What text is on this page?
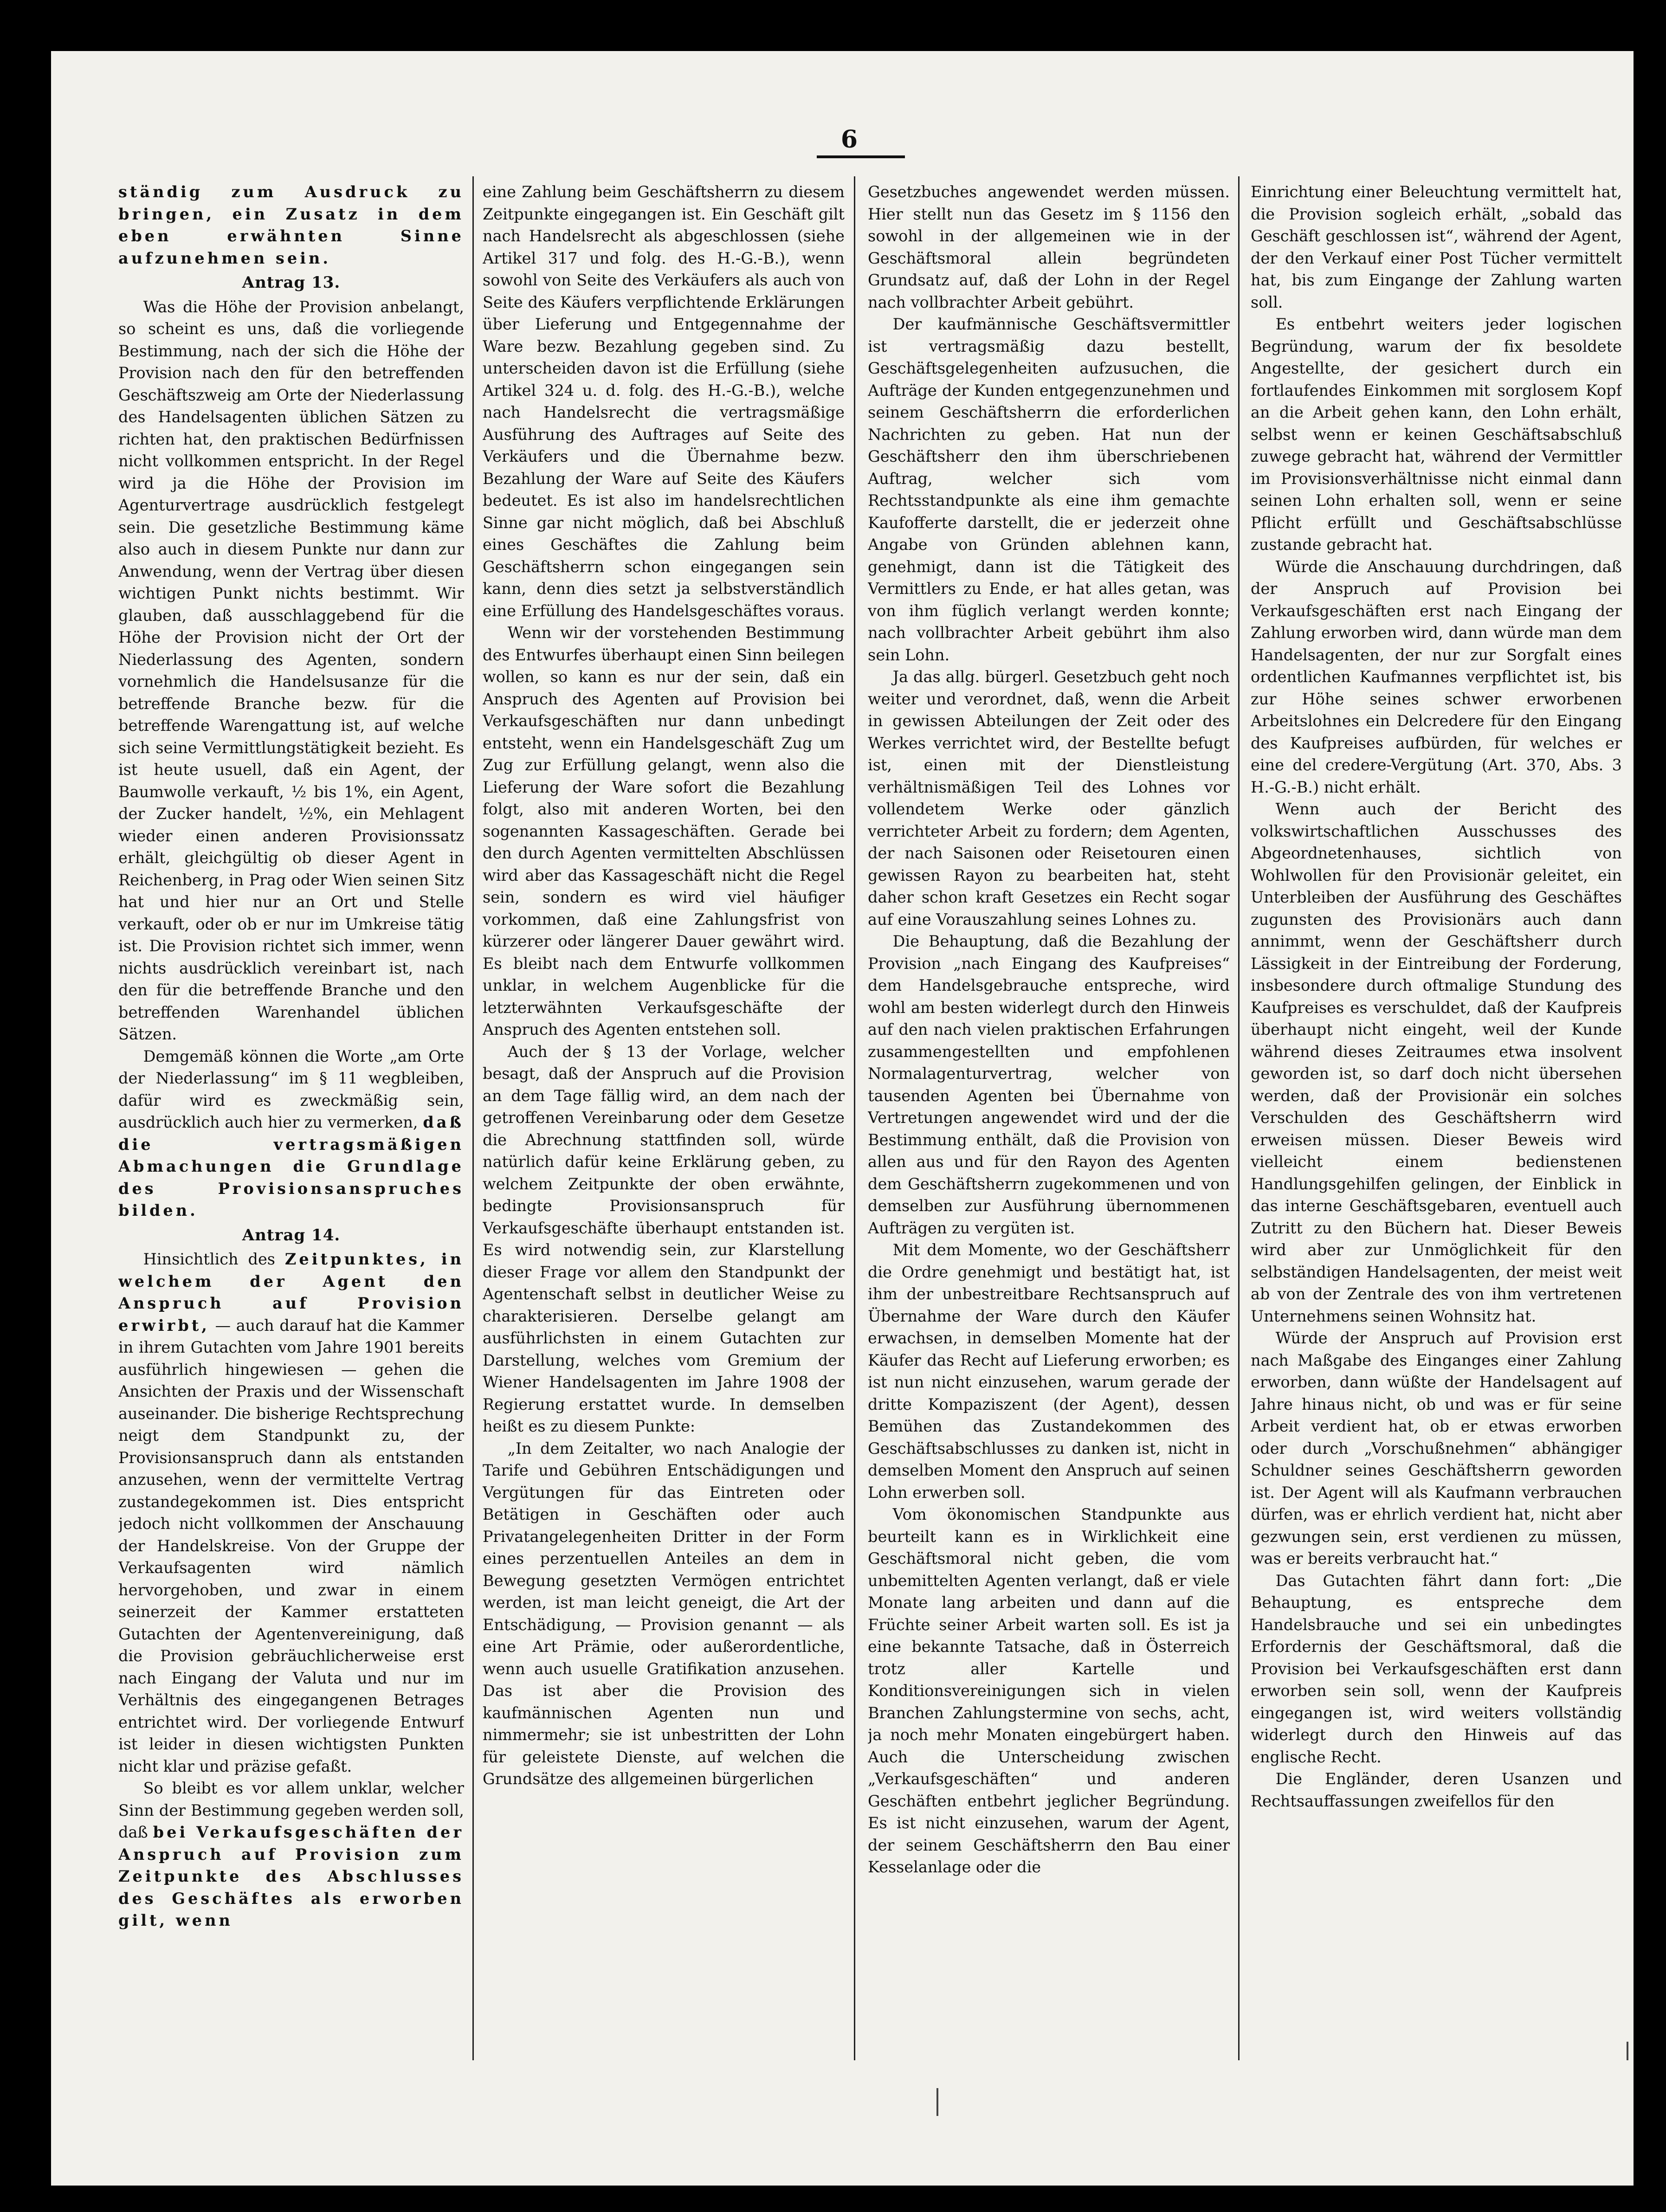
6

ständig zum Ausdruck zu bringen, ein Zusatz in dem eben erwähnten Sinne aufzunehmen sein.

Antrag 13.

Was die Höhe der Provision anbelangt, so scheint es uns, daß die vorliegende Bestimmung, nach der sich die Höhe der Provision nach den für den betreffenden Geschäftszweig am Orte der Niederlassung des Handelsagenten üblichen Sätzen zu richten hat, den praktischen Bedürfnissen nicht vollkommen entspricht. In der Regel wird ja die Höhe der Provision im Agenturvertrage ausdrücklich festgelegt sein. Die gesetzliche Bestimmung käme also auch in diesem Punkte nur dann zur Anwendung, wenn der Vertrag über diesen wichtigen Punkt nichts bestimmt. Wir glauben, daß ausschlaggebend für die Höhe der Provision nicht der Ort der Niederlassung des Agenten, sondern vornehmlich die Handelsusanze für die betreffende Branche bezw. für die betreffende Warengattung ist, auf welche sich seine Vermittlungstätigkeit bezieht. Es ist heute usuell, daß ein Agent, der Baumwolle verkauft, ½ bis 1%, ein Agent, der Zucker handelt, ½%, ein Mehlagent wieder einen anderen Provisionssatz erhält, gleichgültig ob dieser Agent in Reichenberg, in Prag oder Wien seinen Sitz hat und hier nur an Ort und Stelle verkauft, oder ob er nur im Umkreise tätig ist. Die Provision richtet sich immer, wenn nichts ausdrücklich vereinbart ist, nach den für die betreffende Branche und den betreffenden Warenhandel üblichen Sätzen.

Demgemäß können die Worte „am Orte der Niederlassung“ im § 11 wegbleiben, dafür wird es zweckmäßig sein, ausdrücklich auch hier zu vermerken, daß die vertragsmäßigen Abmachungen die Grundlage des Provisionsanspruches bilden.

Antrag 14.

Hinsichtlich des Zeitpunktes, in welchem der Agent den Anspruch auf Provision erwirbt, — auch darauf hat die Kammer in ihrem Gutachten vom Jahre 1901 bereits ausführlich hingewiesen — gehen die Ansichten der Praxis und der Wissenschaft auseinander. Die bisherige Rechtsprechung neigt dem Standpunkt zu, der Provisionsanspruch dann als entstanden anzusehen, wenn der vermittelte Vertrag zustandegekommen ist. Dies entspricht jedoch nicht vollkommen der Anschauung der Handelskreise. Von der Gruppe der Verkaufsagenten wird nämlich hervorgehoben, und zwar in einem seinerzeit der Kammer erstatteten Gutachten der Agentenvereinigung, daß die Provision gebräuchlicherweise erst nach Eingang der Valuta und nur im Verhältnis des eingegangenen Betrages entrichtet wird. Der vorliegende Entwurf ist leider in diesen wichtigsten Punkten nicht klar und präzise gefaßt.

So bleibt es vor allem unklar, welcher Sinn der Bestimmung gegeben werden soll, daß bei Verkaufsgeschäften der Anspruch auf Provision zum Zeitpunkte des Abschlusses des Geschäftes als erworben gilt, wenn

eine Zahlung beim Geschäftsherrn zu diesem Zeitpunkte eingegangen ist. Ein Geschäft gilt nach Handelsrecht als abgeschlossen (siehe Artikel 317 und folg. des H.-G.-B.), wenn sowohl von Seite des Verkäufers als auch von Seite des Käufers verpflichtende Erklärungen über Lieferung und Entgegennahme der Ware bezw. Bezahlung gegeben sind. Zu unterscheiden davon ist die Erfüllung (siehe Artikel 324 u. d. folg. des H.-G.-B.), welche nach Handelsrecht die vertragsmäßige Ausführung des Auftrages auf Seite des Verkäufers und die Übernahme bezw. Bezahlung der Ware auf Seite des Käufers bedeutet. Es ist also im handelsrechtlichen Sinne gar nicht möglich, daß bei Abschluß eines Geschäftes die Zahlung beim Geschäftsherrn schon eingegangen sein kann, denn dies setzt ja selbstverständlich eine Erfüllung des Handelsgeschäftes voraus.

Wenn wir der vorstehenden Bestimmung des Entwurfes überhaupt einen Sinn beilegen wollen, so kann es nur der sein, daß ein Anspruch des Agenten auf Provision bei Verkaufsgeschäften nur dann unbedingt entsteht, wenn ein Handelsgeschäft Zug um Zug zur Erfüllung gelangt, wenn also die Lieferung der Ware sofort die Bezahlung folgt, also mit anderen Worten, bei den sogenannten Kassageschäften. Gerade bei den durch Agenten vermittelten Abschlüssen wird aber das Kassageschäft nicht die Regel sein, sondern es wird viel häufiger vorkommen, daß eine Zahlungsfrist von kürzerer oder längerer Dauer gewährt wird. Es bleibt nach dem Entwurfe vollkommen unklar, in welchem Augenblicke für die letzterwähnten Verkaufsgeschäfte der Anspruch des Agenten entstehen soll.

Auch der § 13 der Vorlage, welcher besagt, daß der Anspruch auf die Provision an dem Tage fällig wird, an dem nach der getroffenen Vereinbarung oder dem Gesetze die Abrechnung stattfinden soll, würde natürlich dafür keine Erklärung geben, zu welchem Zeitpunkte der oben erwähnte, bedingte Provisionsanspruch für Verkaufsgeschäfte überhaupt entstanden ist. Es wird notwendig sein, zur Klarstellung dieser Frage vor allem den Standpunkt der Agentenschaft selbst in deutlicher Weise zu charakterisieren. Derselbe gelangt am ausführlichsten in einem Gutachten zur Darstellung, welches vom Gremium der Wiener Handelsagenten im Jahre 1908 der Regierung erstattet wurde. In demselben heißt es zu diesem Punkte:

„In dem Zeitalter, wo nach Analogie der Tarife und Gebühren Entschädigungen und Vergütungen für das Eintreten oder Betätigen in Geschäften oder auch Privatangelegenheiten Dritter in der Form eines perzentuellen Anteiles an dem in Bewegung gesetzten Vermögen entrichtet werden, ist man leicht geneigt, die Art der Entschädigung, — Provision genannt — als eine Art Prämie, oder außerordentliche, wenn auch usuelle Gratifikation anzusehen. Das ist aber die Provision des kaufmännischen Agenten nun und nimmermehr; sie ist unbestritten der Lohn für geleistete Dienste, auf welchen die Grundsätze des allgemeinen bürgerlichen

Gesetzbuches angewendet werden müssen. Hier stellt nun das Gesetz im § 1156 den sowohl in der allgemeinen wie in der Geschäftsmoral allein begründeten Grundsatz auf, daß der Lohn in der Regel nach vollbrachter Arbeit gebührt.

Der kaufmännische Geschäftsvermittler ist vertragsmäßig dazu bestellt, Geschäftsgelegenheiten aufzusuchen, die Aufträge der Kunden entgegenzunehmen und seinem Geschäftsherrn die erforderlichen Nachrichten zu geben. Hat nun der Geschäftsherr den ihm überschriebenen Auftrag, welcher sich vom Rechtsstandpunkte als eine ihm gemachte Kaufofferte darstellt, die er jederzeit ohne Angabe von Gründen ablehnen kann, genehmigt, dann ist die Tätigkeit des Vermittlers zu Ende, er hat alles getan, was von ihm füglich verlangt werden konnte; nach vollbrachter Arbeit gebührt ihm also sein Lohn.

Ja das allg. bürgerl. Gesetzbuch geht noch weiter und verordnet, daß, wenn die Arbeit in gewissen Abteilungen der Zeit oder des Werkes verrichtet wird, der Bestellte befugt ist, einen mit der Dienstleistung verhältnismäßigen Teil des Lohnes vor vollendetem Werke oder gänzlich verrichteter Arbeit zu fordern; dem Agenten, der nach Saisonen oder Reisetouren einen gewissen Rayon zu bearbeiten hat, steht daher schon kraft Gesetzes ein Recht sogar auf eine Vorauszahlung seines Lohnes zu.

Die Behauptung, daß die Bezahlung der Provision „nach Eingang des Kaufpreises“ dem Handelsgebrauche entspreche, wird wohl am besten widerlegt durch den Hinweis auf den nach vielen praktischen Erfahrungen zusammengestellten und empfohlenen Normalagenturvertrag, welcher von tausenden Agenten bei Übernahme von Vertretungen angewendet wird und der die Bestimmung enthält, daß die Provision von allen aus und für den Rayon des Agenten dem Geschäftsherrn zugekommenen und von demselben zur Ausführung übernommenen Aufträgen zu vergüten ist.

Mit dem Momente, wo der Geschäftsherr die Ordre genehmigt und bestätigt hat, ist ihm der unbestreitbare Rechtsanspruch auf Übernahme der Ware durch den Käufer erwachsen, in demselben Momente hat der Käufer das Recht auf Lieferung erworben; es ist nun nicht einzusehen, warum gerade der dritte Kompaziszent (der Agent), dessen Bemühen das Zustandekommen des Geschäftsabschlusses zu danken ist, nicht in demselben Moment den Anspruch auf seinen Lohn erwerben soll.

Vom ökonomischen Standpunkte aus beurteilt kann es in Wirklichkeit eine Geschäftsmoral nicht geben, die vom unbemittelten Agenten verlangt, daß er viele Monate lang arbeiten und dann auf die Früchte seiner Arbeit warten soll. Es ist ja eine bekannte Tatsache, daß in Österreich trotz aller Kartelle und Konditionsvereinigungen sich in vielen Branchen Zahlungstermine von sechs, acht, ja noch mehr Monaten eingebürgert haben. Auch die Unterscheidung zwischen „Verkaufsgeschäften“ und anderen Geschäften entbehrt jeglicher Begründung. Es ist nicht einzusehen, warum der Agent, der seinem Geschäftsherrn den Bau einer Kesselanlage oder die

Einrichtung einer Beleuchtung vermittelt hat, die Provision sogleich erhält, „sobald das Geschäft geschlossen ist“, während der Agent, der den Verkauf einer Post Tücher vermittelt hat, bis zum Eingange der Zahlung warten soll.

Es entbehrt weiters jeder logischen Begründung, warum der fix besoldete Angestellte, der gesichert durch ein fortlaufendes Einkommen mit sorglosem Kopf an die Arbeit gehen kann, den Lohn erhält, selbst wenn er keinen Geschäftsabschluß zuwege gebracht hat, während der Vermittler im Provisionsverhältnisse nicht einmal dann seinen Lohn erhalten soll, wenn er seine Pflicht erfüllt und Geschäftsabschlüsse zustande gebracht hat.

Würde die Anschauung durchdringen, daß der Anspruch auf Provision bei Verkaufsgeschäften erst nach Eingang der Zahlung erworben wird, dann würde man dem Handelsagenten, der nur zur Sorgfalt eines ordentlichen Kaufmannes verpflichtet ist, bis zur Höhe seines schwer erworbenen Arbeitslohnes ein Delcredere für den Eingang des Kaufpreises aufbürden, für welches er eine del credere-Vergütung (Art. 370, Abs. 3 H.-G.-B.) nicht erhält.

Wenn auch der Bericht des volkswirtschaftlichen Ausschusses des Abgeordnetenhauses, sichtlich von Wohlwollen für den Provisionär geleitet, ein Unterbleiben der Ausführung des Geschäftes zugunsten des Provisionärs auch dann annimmt, wenn der Geschäftsherr durch Lässigkeit in der Eintreibung der Forderung, insbesondere durch oftmalige Stundung des Kaufpreises es verschuldet, daß der Kaufpreis überhaupt nicht eingeht, weil der Kunde während dieses Zeitraumes etwa insolvent geworden ist, so darf doch nicht übersehen werden, daß der Provisionär ein solches Verschulden des Geschäftsherrn wird erweisen müssen. Dieser Beweis wird vielleicht einem bedienstenen Handlungsgehilfen gelingen, der Einblick in das interne Geschäftsgebaren, eventuell auch Zutritt zu den Büchern hat. Dieser Beweis wird aber zur Unmöglichkeit für den selbständigen Handelsagenten, der meist weit ab von der Zentrale des von ihm vertretenen Unternehmens seinen Wohnsitz hat.

Würde der Anspruch auf Provision erst nach Maßgabe des Einganges einer Zahlung erworben, dann wüßte der Handelsagent auf Jahre hinaus nicht, ob und was er für seine Arbeit verdient hat, ob er etwas erworben oder durch „Vorschußnehmen“ abhängiger Schuldner seines Geschäftsherrn geworden ist. Der Agent will als Kaufmann verbrauchen dürfen, was er ehrlich verdient hat, nicht aber gezwungen sein, erst verdienen zu müssen, was er bereits verbraucht hat.“

Das Gutachten fährt dann fort: „Die Behauptung, es entspreche dem Handelsbrauche und sei ein unbedingtes Erfordernis der Geschäftsmoral, daß die Provision bei Verkaufsgeschäften erst dann erworben sein soll, wenn der Kaufpreis eingegangen ist, wird weiters vollständig widerlegt durch den Hinweis auf das englische Recht.

Die Engländer, deren Usanzen und Rechtsauffassungen zweifellos für den
